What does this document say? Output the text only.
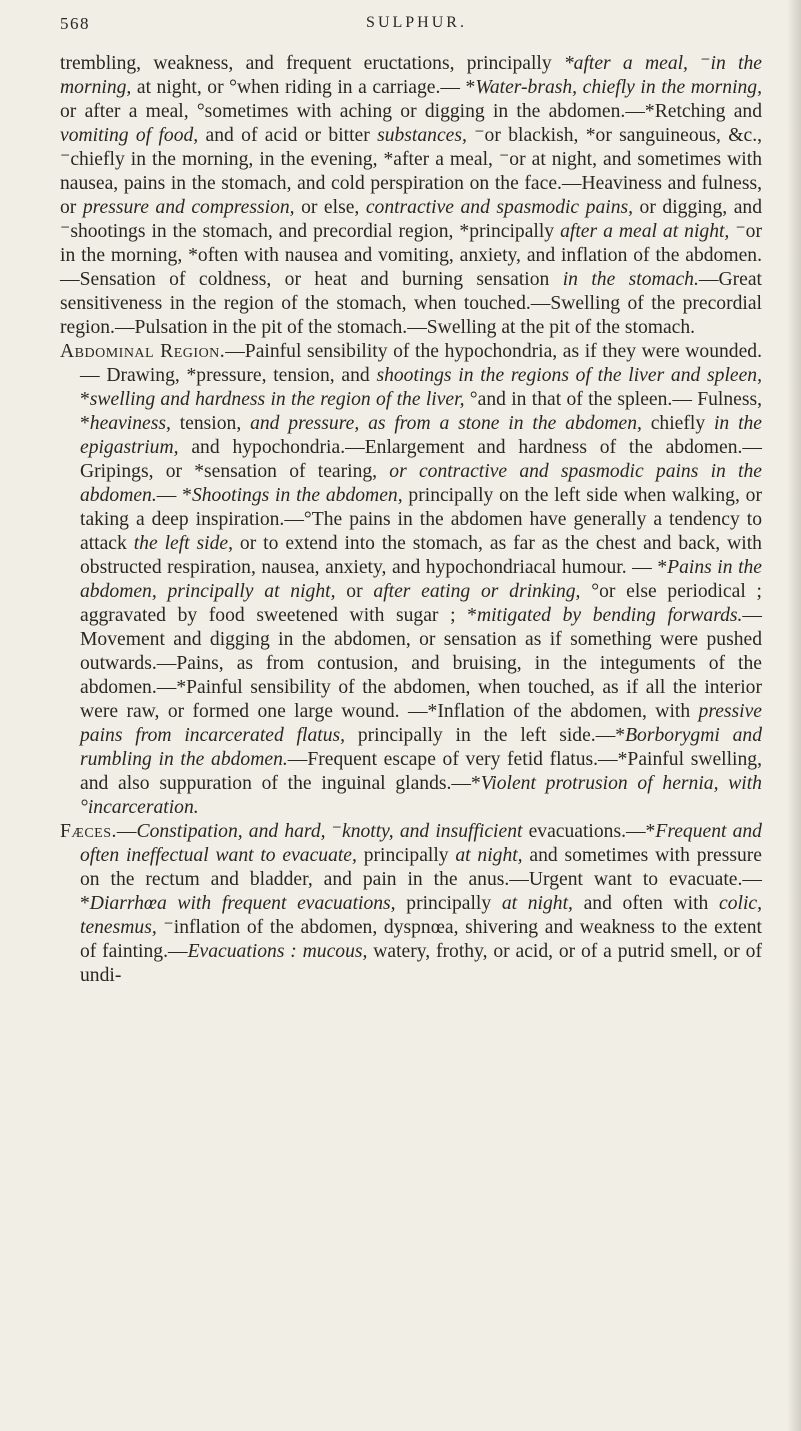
568	SULPHUR.

trembling, weakness, and frequent eructations, principally *after a meal, ⁻in the morning, at night, or °when riding in a carriage.— *Water-brash, chiefly in the morning, or after a meal, °sometimes with aching or digging in the abdomen.—*Retching and vomiting of food, and of acid or bitter substances, ⁻or blackish, *or sanguineous, &c., ⁻chiefly in the morning, in the evening, *after a meal, ⁻or at night, and sometimes with nausea, pains in the stomach, and cold perspiration on the face.—Heaviness and fulness, or pressure and compression, or else, contractive and spasmodic pains, or digging, and ⁻shootings in the stomach, and precordial region, *principally after a meal at night, ⁻or in the morning, *often with nausea and vomiting, anxiety, and inflation of the abdomen.—Sensation of coldness, or heat and burning sensation in the stomach.—Great sensitiveness in the region of the stomach, when touched.—Swelling of the precordial region.—Pulsation in the pit of the stomach.—Swelling at the pit of the stomach.

Abdominal Region.—Painful sensibility of the hypochondria, as if they were wounded. — Drawing, *pressure, tension, and shootings in the regions of the liver and spleen, *swelling and hardness in the region of the liver, °and in that of the spleen.— Fulness, *heaviness, tension, and pressure, as from a stone in the abdomen, chiefly in the epigastrium, and hypochondria.—Enlargement and hardness of the abdomen.—Gripings, or *sensation of tearing, or contractive and spasmodic pains in the abdomen.— *Shootings in the abdomen, principally on the left side when walking, or taking a deep inspiration.—°The pains in the abdomen have generally a tendency to attack the left side, or to extend into the stomach, as far as the chest and back, with obstructed respiration, nausea, anxiety, and hypochondriacal humour. — *Pains in the abdomen, principally at night, or after eating or drinking, °or else periodical ; aggravated by food sweetened with sugar ; *mitigated by bending forwards.—Movement and digging in the abdomen, or sensation as if something were pushed outwards.—Pains, as from contusion, and bruising, in the integuments of the abdomen.—*Painful sensibility of the abdomen, when touched, as if all the interior were raw, or formed one large wound. —*Inflation of the abdomen, with pressive pains from incarcerated flatus, principally in the left side.—*Borborygmi and rumbling in the abdomen.—Frequent escape of very fetid flatus.—*Painful swelling, and also suppuration of the inguinal glands.—*Violent protrusion of hernia, with °incarceration.

Fæces.—Constipation, and hard, ⁻knotty, and insufficient evacuations.—*Frequent and often ineffectual want to evacuate, principally at night, and sometimes with pressure on the rectum and bladder, and pain in the anus.—Urgent want to evacuate.— *Diarrhœa with frequent evacuations, principally at night, and often with colic, tenesmus, ⁻inflation of the abdomen, dyspnœa, shivering and weakness to the extent of fainting.—Evacuations : mucous, watery, frothy, or acid, or of a putrid smell, or of undi-
